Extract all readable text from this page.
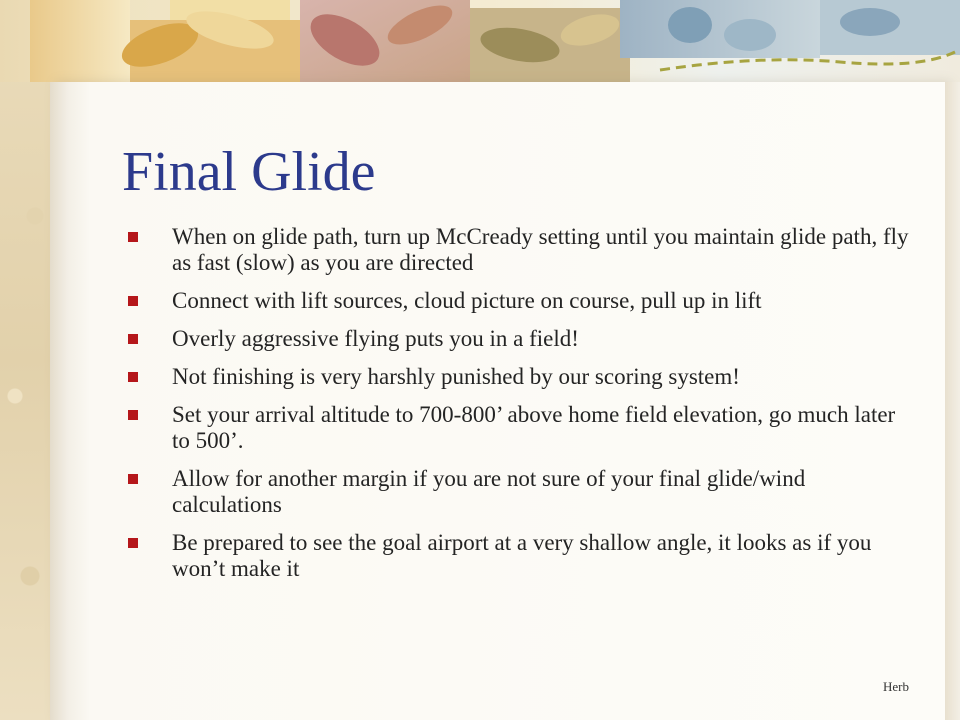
Final Glide
When on glide path, turn up McCready setting until you maintain glide path, fly as fast (slow) as you are directed
Connect with lift sources, cloud picture on course, pull up in lift
Overly aggressive flying puts you in a field!
Not finishing is very harshly punished by our scoring system!
Set your arrival altitude to 700-800’ above home field elevation, go much later to 500’.
Allow for another margin if you are not sure of your final glide/wind calculations
Be prepared to see the goal airport at a very shallow angle, it looks as if you won’t make it
Herb
